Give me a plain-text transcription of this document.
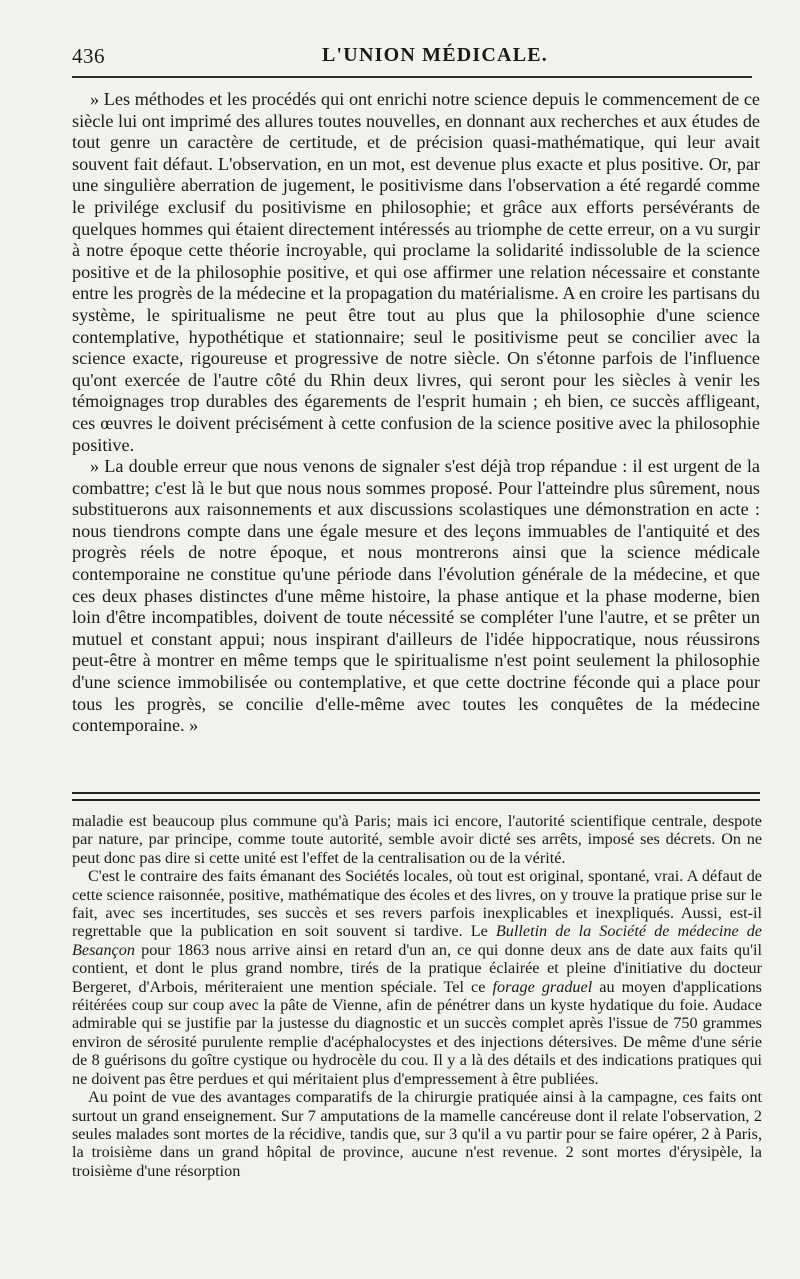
436	L'UNION MÉDICALE.

» Les méthodes et les procédés qui ont enrichi notre science depuis le commencement de ce siècle lui ont imprimé des allures toutes nouvelles, en donnant aux recherches et aux études de tout genre un caractère de certitude, et de précision quasi-mathématique, qui leur avait souvent fait défaut. L'observation, en un mot, est devenue plus exacte et plus positive. Or, par une singulière aberration de jugement, le positivisme dans l'observation a été regardé comme le privilége exclusif du positivisme en philosophie; et grâce aux efforts persévérants de quelques hommes qui étaient directement intéressés au triomphe de cette erreur, on a vu surgir à notre époque cette théorie incroyable, qui proclame la solidarité indissoluble de la science positive et de la philosophie positive, et qui ose affirmer une relation nécessaire et constante entre les progrès de la médecine et la propagation du matérialisme. A en croire les partisans du système, le spiritualisme ne peut être tout au plus que la philosophie d'une science contemplative, hypothétique et stationnaire; seul le positivisme peut se concilier avec la science exacte, rigoureuse et progressive de notre siècle. On s'étonne parfois de l'influence qu'ont exercée de l'autre côté du Rhin deux livres, qui seront pour les siècles à venir les témoignages trop durables des égarements de l'esprit humain ; eh bien, ce succès affligeant, ces œuvres le doivent précisément à cette confusion de la science positive avec la philosophie positive.

» La double erreur que nous venons de signaler s'est déjà trop répandue : il est urgent de la combattre; c'est là le but que nous nous sommes proposé. Pour l'atteindre plus sûrement, nous substituerons aux raisonnements et aux discussions scolastiques une démonstration en acte : nous tiendrons compte dans une égale mesure et des leçons immuables de l'antiquité et des progrès réels de notre époque, et nous montrerons ainsi que la science médicale contemporaine ne constitue qu'une période dans l'évolution générale de la médecine, et que ces deux phases distinctes d'une même histoire, la phase antique et la phase moderne, bien loin d'être incompatibles, doivent de toute nécessité se compléter l'une l'autre, et se prêter un mutuel et constant appui; nous inspirant d'ailleurs de l'idée hippocratique, nous réussirons peut-être à montrer en même temps que le spiritualisme n'est point seulement la philosophie d'une science immobilisée ou contemplative, et que cette doctrine féconde qui a place pour tous les progrès, se concilie d'elle-même avec toutes les conquêtes de la médecine contemporaine. »

maladie est beaucoup plus commune qu'à Paris; mais ici encore, l'autorité scientifique centrale, despote par nature, par principe, comme toute autorité, semble avoir dicté ses arrêts, imposé ses décrets. On ne peut donc pas dire si cette unité est l'effet de la centralisation ou de la vérité.

C'est le contraire des faits émanant des Sociétés locales, où tout est original, spontané, vrai. A défaut de cette science raisonnée, positive, mathématique des écoles et des livres, on y trouve la pratique prise sur le fait, avec ses incertitudes, ses succès et ses revers parfois inexplicables et inexpliqués. Aussi, est-il regrettable que la publication en soit souvent si tardive. Le Bulletin de la Société de médecine de Besançon pour 1863 nous arrive ainsi en retard d'un an, ce qui donne deux ans de date aux faits qu'il contient, et dont le plus grand nombre, tirés de la pratique éclairée et pleine d'initiative du docteur Bergeret, d'Arbois, mériteraient une mention spéciale. Tel ce forage graduel au moyen d'applications réitérées coup sur coup avec la pâte de Vienne, afin de pénétrer dans un kyste hydatique du foie. Audace admirable qui se justifie par la justesse du diagnostic et un succès complet après l'issue de 750 grammes environ de sérosité purulente remplie d'acéphalocystes et des injections détersives. De même d'une série de 8 guérisons du goître cystique ou hydrocèle du cou. Il y a là des détails et des indications pratiques qui ne doivent pas être perdues et qui méritaient plus d'empressement à être publiées.

Au point de vue des avantages comparatifs de la chirurgie pratiquée ainsi à la campagne, ces faits ont surtout un grand enseignement. Sur 7 amputations de la mamelle cancéreuse dont il relate l'observation, 2 seules malades sont mortes de la récidive, tandis que, sur 3 qu'il a vu partir pour se faire opérer, 2 à Paris, la troisième dans un grand hôpital de province, aucune n'est revenue. 2 sont mortes d'érysipèle, la troisième d'une résorption
